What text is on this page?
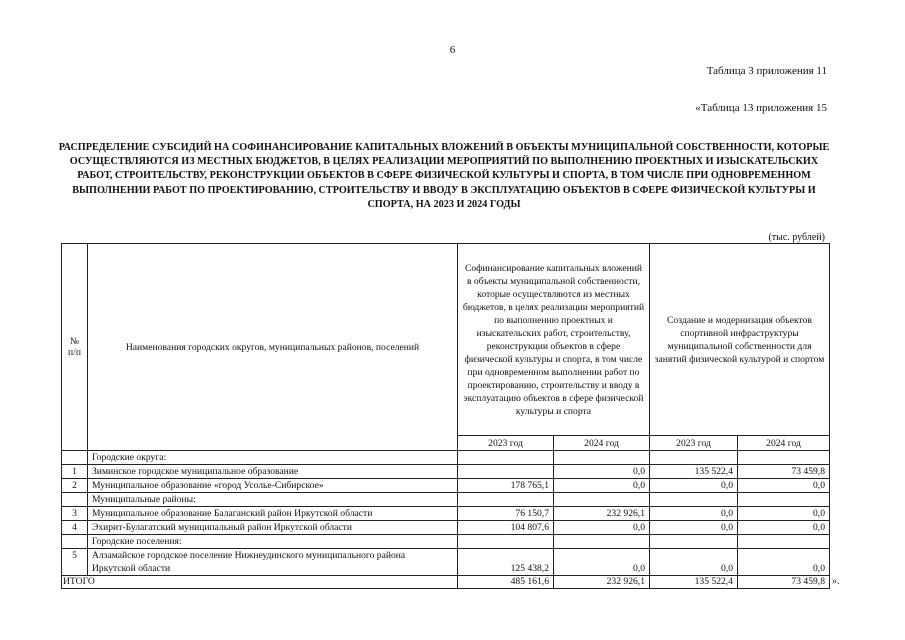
6
Таблица 3 приложения 11
«Таблица 13 приложения 15
РАСПРЕДЕЛЕНИЕ СУБСИДИЙ НА СОФИНАНСИРОВАНИЕ КАПИТАЛЬНЫХ ВЛОЖЕНИЙ В ОБЪЕКТЫ МУНИЦИПАЛЬНОЙ СОБСТВЕННОСТИ, КОТОРЫЕ ОСУЩЕСТВЛЯЮТСЯ ИЗ МЕСТНЫХ БЮДЖЕТОВ, В ЦЕЛЯХ РЕАЛИЗАЦИИ МЕРОПРИЯТИЙ ПО ВЫПОЛНЕНИЮ ПРОЕКТНЫХ И ИЗЫСКАТЕЛЬСКИХ РАБОТ, СТРОИТЕЛЬСТВУ, РЕКОНСТРУКЦИИ ОБЪЕКТОВ В СФЕРЕ ФИЗИЧЕСКОЙ КУЛЬТУРЫ И СПОРТА, В ТОМ ЧИСЛЕ ПРИ ОДНОВРЕМЕННОМ ВЫПОЛНЕНИИ РАБОТ ПО ПРОЕКТИРОВАНИЮ, СТРОИТЕЛЬСТВУ И ВВОДУ В ЭКСПЛУАТАЦИЮ ОБЪЕКТОВ В СФЕРЕ ФИЗИЧЕСКОЙ КУЛЬТУРЫ И СПОРТА, НА 2023 И 2024 ГОДЫ
(тыс. рублей)
№ п/п	Наименования городских округов, муниципальных районов, поселений	Софинансирование капитальных вложений в объекты муниципальной собственности, которые осуществляются из местных бюджетов, в целях реализации мероприятий по выполнению проектных и изыскательских работ, строительству, реконструкции объектов в сфере физической культуры и спорта, в том числе при одновременном выполнении работ по проектированию, строительству и вводу в эксплуатацию объектов в сфере физической культуры и спорта		Создание и модернизация объектов спортивной инфраструктуры муниципальной собственности для занятий физической культурой и спортом	
		2023 год	2024 год	2023 год	2024 год
	Городские округа:				
1	Зиминское городское муниципальное образование		0,0	135 522,4	73 459,8
2	Муниципальное образование «город Усолье-Сибирское»	178 765,1	0,0	0,0	0,0
	Муниципальные районы:				
3	Муниципальное образование Балаганский район Иркутской области	76 150,7	232 926,1	0,0	0,0
4	Эхирит-Булагатский муниципальный район Иркутской области	104 807,6	0,0	0,0	0,0
	Городские поселения:				
5	Алзамайское городское поселение Нижнеудинского муниципального района
Иркутской области	125 438,2	0,0	0,0	0,0
ИТОГО		485 161,6	232 926,1	135 522,4	73 459,8 ».
